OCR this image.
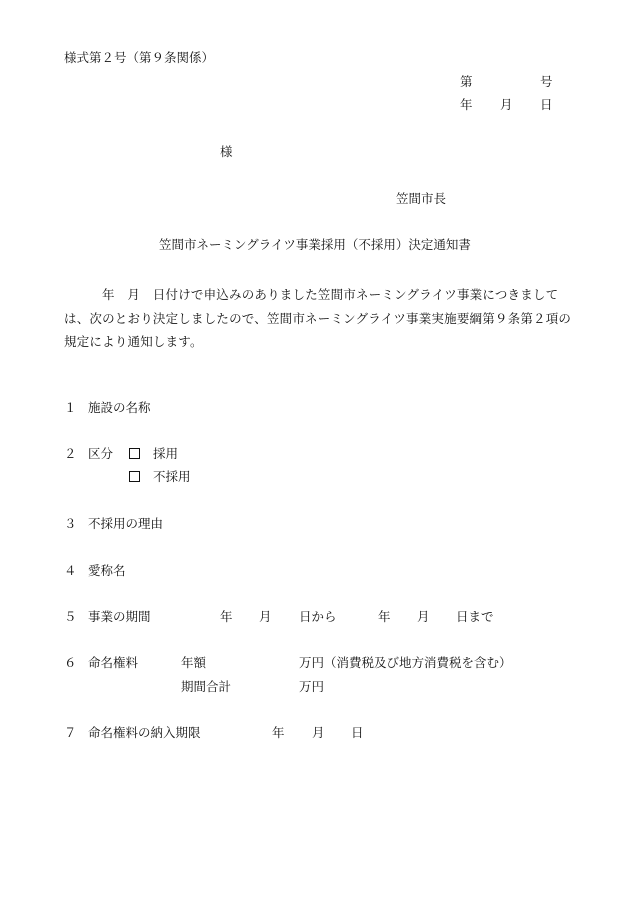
様式第２号（第９条関係）
第	号
年 月 日
様
笠間市長
笠間市ネーミングライツ事業採用（不採用）決定通知書
年　月　日付けで申込みのありました笠間市ネーミングライツ事業につきましては、次のとおり決定しましたので、笠間市ネーミングライツ事業実施要綱第９条第２項の規定により通知します。
１ 施設の名称
２ 区分	採用
不採用
３ 不採用の理由
４ 愛称名
５ 事業の期間	年 月 日から	年 月 日まで
６ 命名権料	年額	万円（消費税及び地方消費税を含む）
期間合計	万円
７ 命名権料の納入期限	年 月 日
